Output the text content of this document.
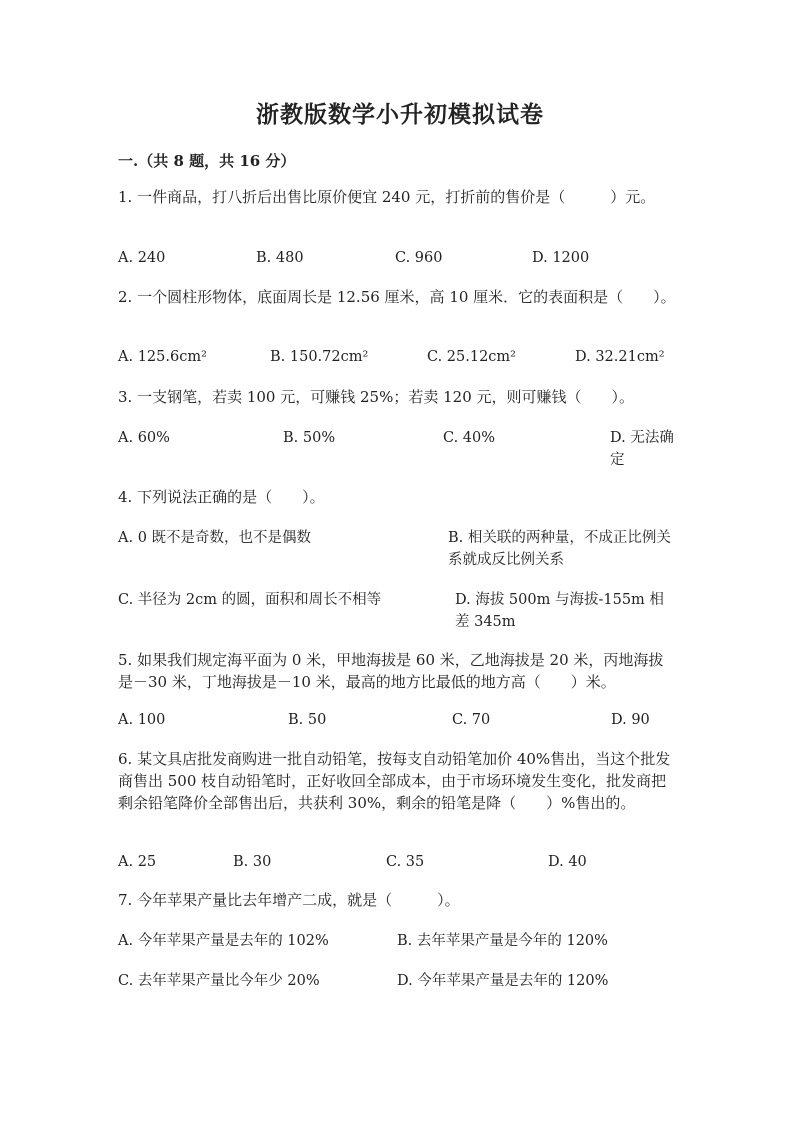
浙教版数学小升初模拟试卷
一.（共 8 题，共 16 分）
1. 一件商品，打八折后出售比原价便宜 240 元，打折前的售价是（　　　）元。
A. 240	B. 480	C. 960	D. 1200
2. 一个圆柱形物体，底面周长是 12.56 厘米，高 10 厘米．它的表面积是（　　）。
A. 125.6cm²	B. 150.72cm²	C. 25.12cm²	D. 32.21cm²
3. 一支钢笔，若卖 100 元，可赚钱 25%；若卖 120 元，则可赚钱（　　）。
A. 60%	B. 50%	C. 40%	D. 无法确定
4. 下列说法正确的是（　　）。
A. 0 既不是奇数，也不是偶数	B. 相关联的两种量，不成正比例关系就成反比例关系
C. 半径为 2cm 的圆，面积和周长不相等	D. 海拔 500m 与海拔-155m 相差 345m
5. 如果我们规定海平面为 0 米，甲地海拔是 60 米，乙地海拔是 20 米，丙地海拔是－30 米，丁地海拔是－10 米，最高的地方比最低的地方高（　　）米。
A. 100	B. 50	C. 70	D. 90
6. 某文具店批发商购进一批自动铅笔，按每支自动铅笔加价 40%售出，当这个批发商售出 500 枝自动铅笔时，正好收回全部成本，由于市场环境发生变化，批发商把剩余铅笔降价全部售出后，共获利 30%，剩余的铅笔是降（　　）%售出的。
A. 25	B. 30	C. 35	D. 40
7. 今年苹果产量比去年增产二成，就是（　　　）。
A. 今年苹果产量是去年的 102%	B. 去年苹果产量是今年的 120%
C. 去年苹果产量比今年少 20%	D. 今年苹果产量是去年的 120%
